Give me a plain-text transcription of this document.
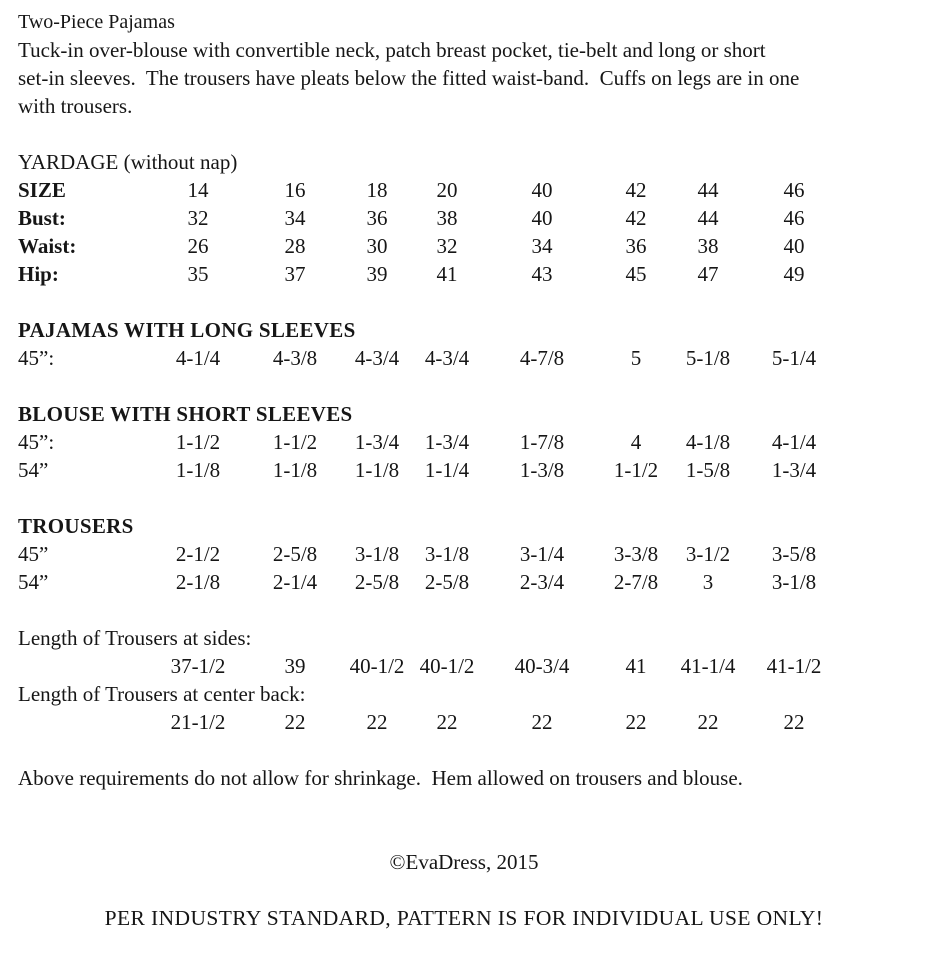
Two-Piece Pajamas
Tuck-in over-blouse with convertible neck, patch breast pocket, tie-belt and long or short
set-in sleeves.  The trousers have pleats below the fitted waist-band.  Cuffs on legs are in one
with trousers.
YARDAGE (without nap)
SIZE	14	16	18	20	40	42	44	46
Bust:	32	34	36	38	40	42	44	46
Waist:	26	28	30	32	34	36	38	40
Hip:	35	37	39	41	43	45	47	49
PAJAMAS WITH LONG SLEEVES
45”:	4-1/4	4-3/8	4-3/4	4-3/4	4-7/8	5	5-1/8	5-1/4
BLOUSE WITH SHORT SLEEVES
45”:	1-1/2	1-1/2	1-3/4	1-3/4	1-7/8	4	4-1/8	4-1/4
54”	1-1/8	1-1/8	1-1/8	1-1/4	1-3/8	1-1/2	1-5/8	1-3/4
TROUSERS
45”	2-1/2	2-5/8	3-1/8	3-1/8	3-1/4	3-3/8	3-1/2	3-5/8
54”	2-1/8	2-1/4	2-5/8	2-5/8	2-3/4	2-7/8	3	3-1/8
Length of Trousers at sides:
	37-1/2	39	40-1/2	40-1/2	40-3/4	41	41-1/4	41-1/2
Length of Trousers at center back:
	21-1/2	22	22	22	22	22	22	22
Above requirements do not allow for shrinkage.  Hem allowed on trousers and blouse.
©EvaDress, 2015
PER INDUSTRY STANDARD, PATTERN IS FOR INDIVIDUAL USE ONLY!
